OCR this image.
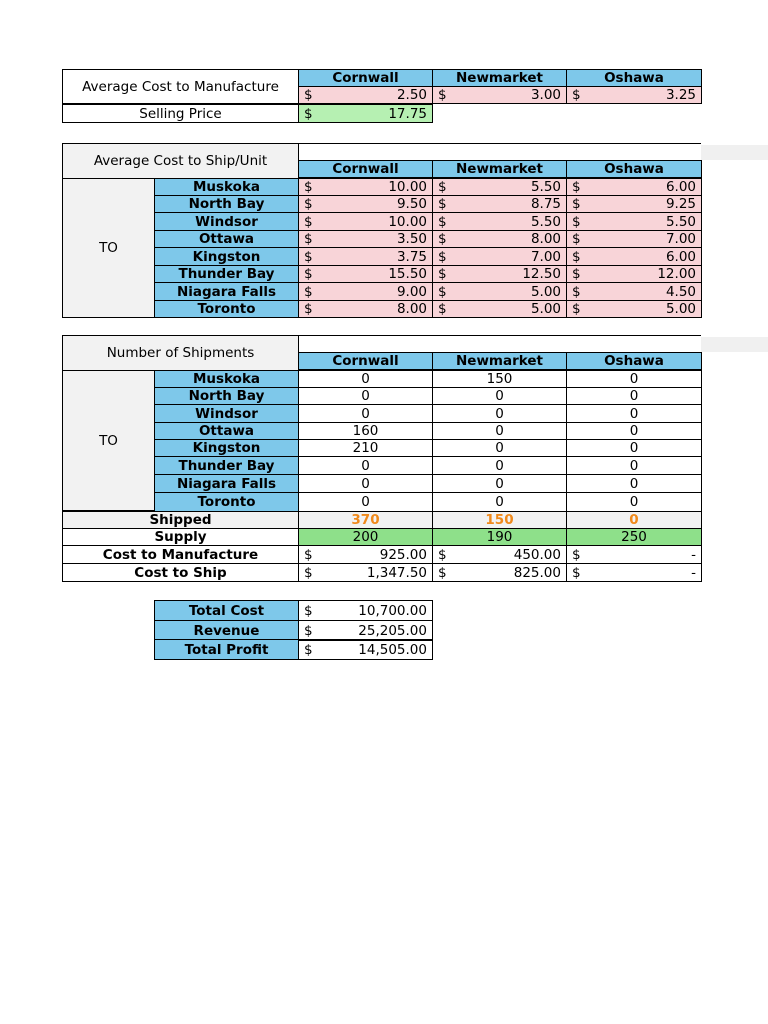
Average Cost to Manufacture
Cornwall	Newmarket	Oshawa
$	2.50 $	3.00 $	3.25
Selling Price	$	17.75
Average Cost to Ship/Unit	Cornwall	Newmarket	Oshawa
TO
Muskoka	$	10.00 $	5.50 $	6.00
North Bay	$	9.50 $	8.75 $	9.25
Windsor	$	10.00 $	5.50 $	5.50
Ottawa	$	3.50 $	8.00 $	7.00
Kingston	$	3.75 $	7.00 $	6.00
Thunder Bay	$	15.50 $	12.50 $	12.00
Niagara Falls	$	9.00 $	5.00 $	4.50
Toronto	$	8.00 $	5.00 $	5.00
Number of Shipments	Cornwall	Newmarket	Oshawa
TO
Muskoka	0	150	0
North Bay	0	0	0
Windsor	0	0	0
Ottawa	160	0	0
Kingston	210	0	0
Thunder Bay	0	0	0
Niagara Falls	0	0	0
Toronto	0	0	0
Shipped	370	150	0
Supply	200	190	250
Cost to Manufacture	$	925.00 $	450.00 $	-
Cost to Ship	$	1,347.50 $	825.00 $	-
Total Cost	$	10,700.00
Revenue	$	25,205.00
Total Profit	$	14,505.00
